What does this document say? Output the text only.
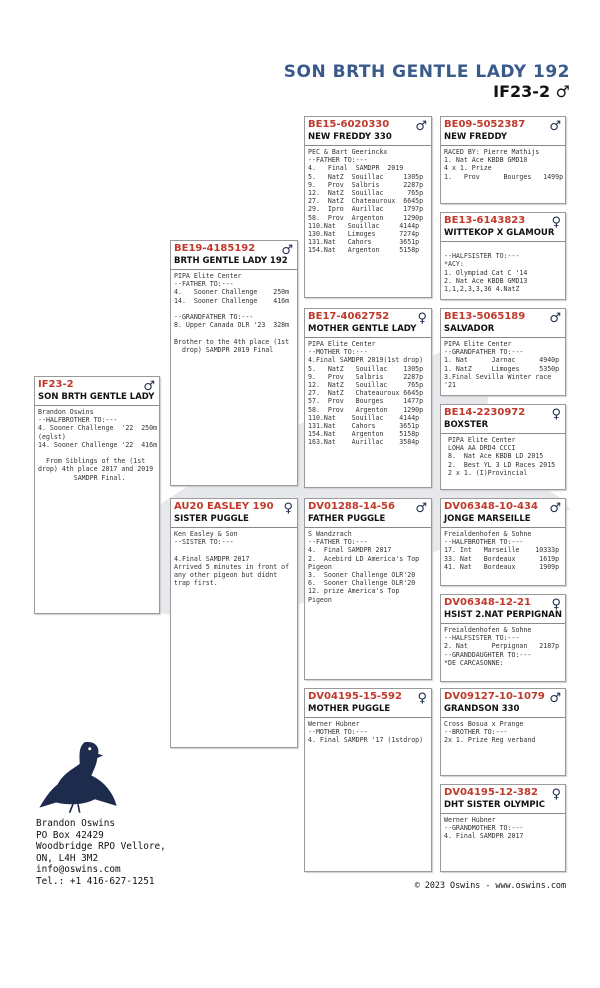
SON BRTH GENTLE LADY 192
IF23-2 ♂
♂
IF23-2
SON BRTH GENTLE LADY
Brandon Oswins
--HALFBROTHER TO:---
4. Sooner Challenge  '22  250m
(eglst)
14. Sooner Challenge '22  416m

From Siblings of the (1st
drop) 4th place 2017 and 2019
SAMDPR Final.
♂
BE19-4185192
BRTH GENTLE LADY 192
PIPA Elite Center
--FATHER TO:---
4.   Sooner Challenge    250m
14.  Sooner Challenge    416m

--GRANDFATHER TO:---
8. Upper Canada OLR '23  328m

Brother to the 4th place (1st
drop) SAMDPR 2019 Final
♀
AU20 EASLEY 190
SISTER PUGGLE
Ken Easley & Son
--SISTER TO:---

4.Final SAMDPR 2017
Arrived 5 minutes in front of
any other pigeon but didnt
trap first.
♂
BE15-6020330
NEW FREDDY 330
PEC & Bart Geerinckx
--FATHER TO:---
4.   Final  SAMDPR  2019
5.   NatZ  Souillac     1305p
9.   Prov  Salbris      2287p
12.  NatZ  Souillac      765p
27.  NatZ  Chateauroux  6645p
29.  Ipro  Aurillac     1797p
58.  Prov  Argenton     1290p
110.Nat   Souillac     4144p
130.Nat   Limoges      7274p
131.Nat   Cahors       3651p
154.Nat   Argenton     5158p
♀
BE17-4062752
MOTHER GENTLE LADY
PIPA Elite Center
--MOTHER TO:---
4.Final SAMDPR 2019(1st drop)
5.   NatZ   Souillac    1305p
9.   Prov   Salbris     2287p
12.  NatZ   Souillac     765p
27.  NatZ   Chateauroux 6645p
57.  Prov   Bourges     1477p
58.  Prov   Argenton    1290p
110.Nat    Souillac    4144p
131.Nat    Cahors      3651p
154.Nat    Argenton    5158p
163.Nat    Aurillac    3584p
♂
DV01288-14-56
FATHER PUGGLE
S Wandzrach
--FATHER TO:---
4.  Final SAMDPR 2017
2.  Acebird LD America's Top
Pigeon
3.  Sooner Challenge OLR'20
6.  Sooner Challenge OLR'20
12. prize America's Top
Pigeon
♀
DV04195-15-592
MOTHER PUGGLE
Werner Hubner
--MOTHER TO:---
4. Final SAMDPR '17 (1stdrop)
♂
BE09-5052387
NEW FREDDY
RACED BY: Pierre Mathijs
1. Nat Ace KBDB GMD10
4 x 1. Prize
1.   Prov      Bourges   1499p
♀
BE13-6143823
WITTEKOP X GLAMOUR

--HALFSISTER TO:---
*ACY:
1. Olympiad Cat C '14
2. Nat Ace KBDB GMD13
1,1,2,3,3,36 4.NatZ
♂
BE13-5065189
SALVADOR
PIPA Elite Center
--GRANDFATHER TO:---
1. Nat      Jarnac      4940p
1. NatZ     Limoges     5350p
3.Final Sevilla Winter race
'21
♀
BE14-2230972
BOXSTER
PIPA Elite Center
LOHA AA DRD4 CCCI
8.  Nat Ace KBDB LD 2015
2.  Best YL 3 LD Races 2015
2 x 1. (I)Provincial
♂
DV06348-10-434
JONGE MARSEILLE
Freialdenhofen & Sohne
--HALFBROTHER TO:---
17. Int   Marseille    10333p
33. Nat   Bordeaux      1619p
41. Nat   Bordeaux      1909p
♀
DV06348-12-21
HSIST 2.NAT PERPIGNAN
Freialdenhofen & Sohne
--HALFSISTER TO:---
2. Nat      Perpignan   2187p
--GRANDDAUGHTER TO:---
*DE CARCASONNE:
♂
DV09127-10-1079
GRANDSON 330
Cross Bosua x Prange
--BROTHER TO:---
2x 1. Prize Reg verband
♀
DV04195-12-382
DHT SISTER OLYMPIC
Werner Hubner
--GRANDMOTHER TO:---
4. Final SAMDPR 2017
Brandon Oswins
PO Box 42429
Woodbridge RPO Vellore,
ON, L4H 3M2
info@oswins.com
Tel.: +1 416-627-1251	© 2023 Oswins - www.oswins.com
